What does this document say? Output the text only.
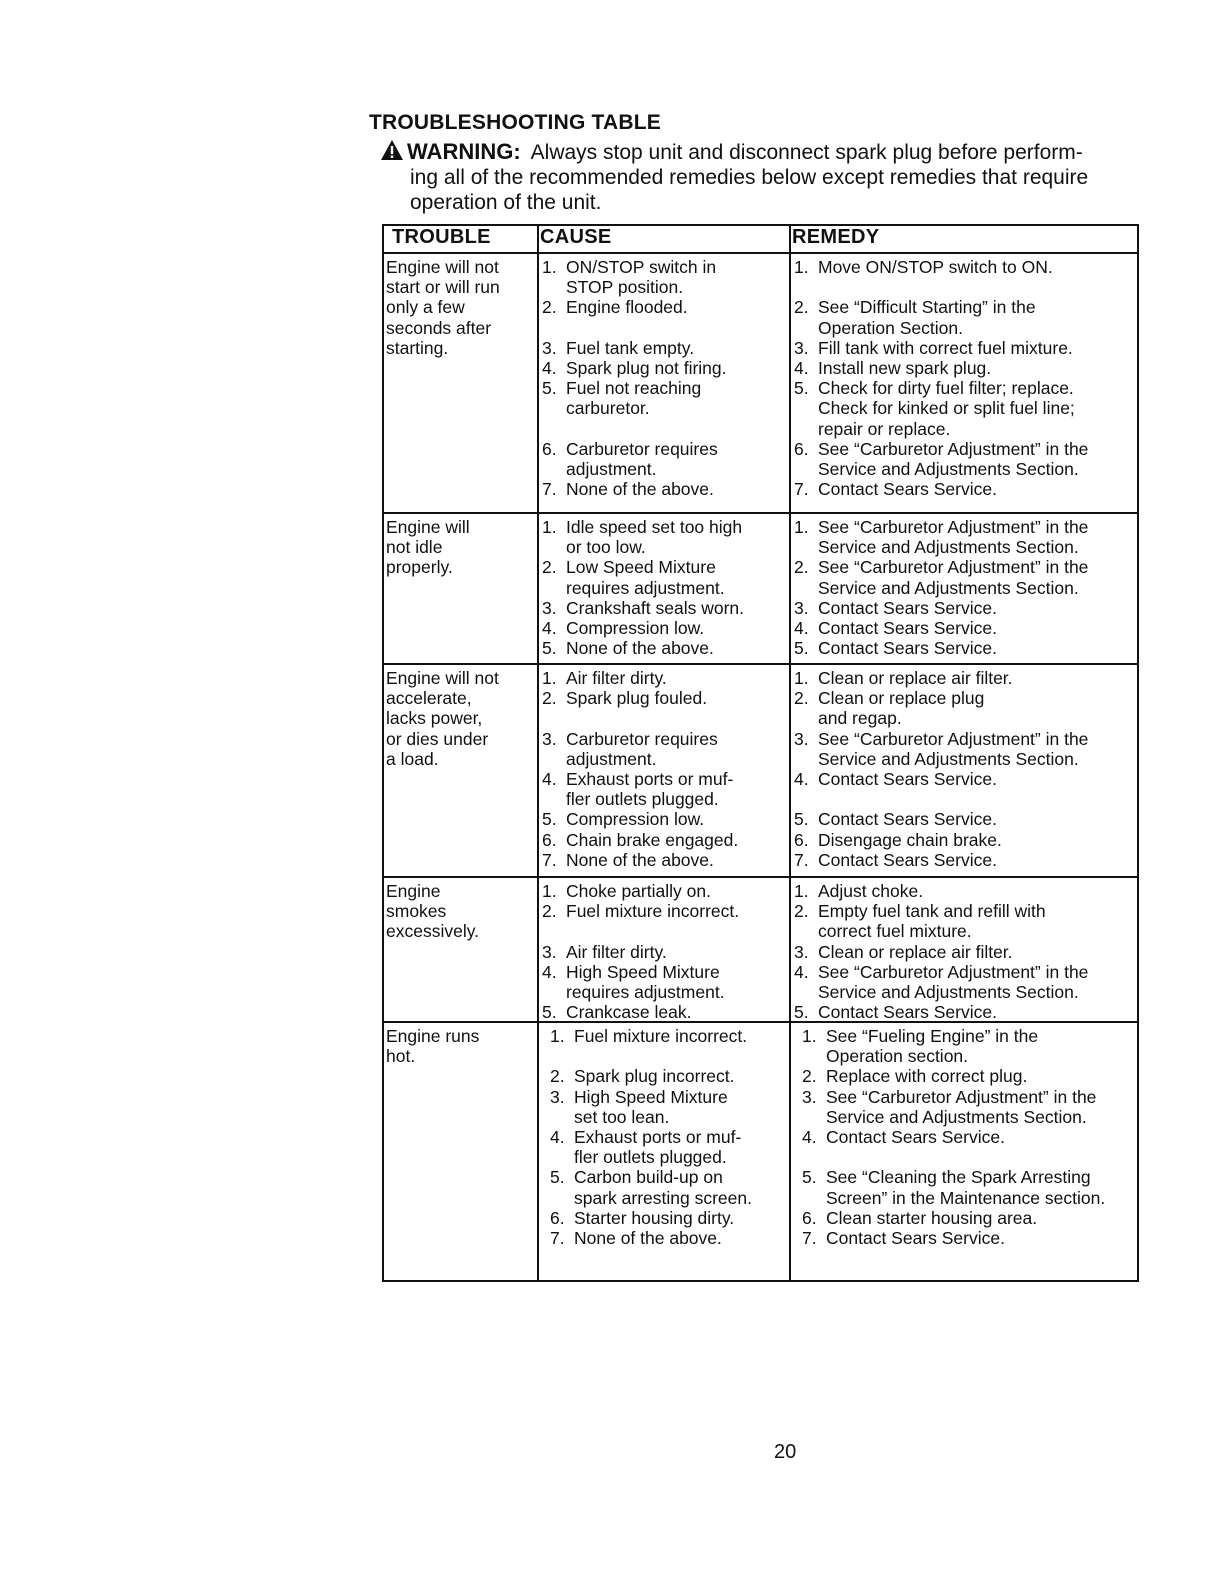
TROUBLESHOOTING TABLE
WARNING: Always stop unit and disconnect spark plug before perform-
ing all of the recommended remedies below except remedies that require
operation of the unit.
TROUBLE CAUSE	REMEDY
Engine will not
start or will run
only a few
seconds after
starting.
1. ON/STOP switch in
STOP position.
2. Engine flooded.
3. Fuel tank empty.
4. Spark plug not firing.
5. Fuel not reaching
carburetor.
6. Carburetor requires
adjustment.
7. None of the above.
1. Move ON/STOP switch to ON.
2. See “Difficult Starting” in the
Operation Section.
3. Fill tank with correct fuel mixture.
4. Install new spark plug.
5. Check for dirty fuel filter; replace.
Check for kinked or split fuel line;
repair or replace.
6. See “Carburetor Adjustment” in the
Service and Adjustments Section.
7. Contact Sears Service.
Engine will
not idle
properly.
1. Idle speed set too high
or too low.
2. Low Speed Mixture
requires adjustment.
3. Crankshaft seals worn.
4. Compression low.
5. None of the above.
1. See “Carburetor Adjustment” in the
Service and Adjustments Section.
2. See “Carburetor Adjustment” in the
Service and Adjustments Section.
3. Contact Sears Service.
4. Contact Sears Service.
5. Contact Sears Service.
Engine will not
accelerate,
lacks power,
or dies under
a load.
1. Air filter dirty.
2. Spark plug fouled.
3. Carburetor requires
adjustment.
4. Exhaust ports or muf-
fler outlets plugged.
5. Compression low.
6. Chain brake engaged.
7. None of the above.
1. Clean or replace air filter.
2. Clean or replace plug
and regap.
3. See “Carburetor Adjustment” in the
Service and Adjustments Section.
4. Contact Sears Service.
5. Contact Sears Service.
6. Disengage chain brake.
7. Contact Sears Service.
Engine
smokes
excessively.
1. Choke partially on.
2. Fuel mixture incorrect.
3. Air filter dirty.
4. High Speed Mixture
requires adjustment.
5. Crankcase leak.
1. Adjust choke.
2. Empty fuel tank and refill with
correct fuel mixture.
3. Clean or replace air filter.
4. See “Carburetor Adjustment” in the
Service and Adjustments Section.
5. Contact Sears Service.
Engine runs
hot.
1. Fuel mixture incorrect.
2. Spark plug incorrect.
3. High Speed Mixture
set too lean.
4. Exhaust ports or muf-
fler outlets plugged.
5. Carbon build-up on
spark arresting screen.
6. Starter housing dirty.
7. None of the above.
1. See “Fueling Engine” in the
Operation section.
2. Replace with correct plug.
3. See “Carburetor Adjustment” in the
Service and Adjustments Section.
4. Contact Sears Service.
5. See “Cleaning the Spark Arresting
Screen” in the Maintenance section.
6. Clean starter housing area.
7. Contact Sears Service.
20
